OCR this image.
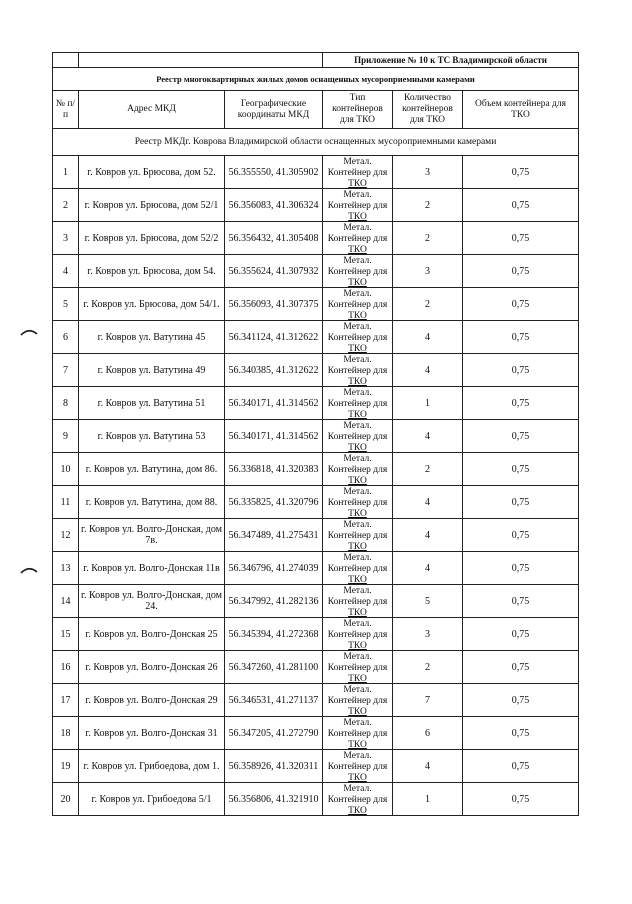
			Приложение № 10 к ТС Владимирской области		
Реестр многоквартирных жилых домов оснащенных мусороприемными камерами					
№ п/п	Адрес МКД	Географические координаты МКД	Тип контейнеров для ТКО	Количество контейнеров для ТКО	Объем контейнера для ТКО
Реестр МКДг. Коврова Владимирской области оснащенных мусороприемными камерами					
1	г. Ковров ул. Брюсова, дом 52.	56.355550, 41.305902	Метал.
Контейнер для
ТКО	3	0,75
2	г. Ковров ул. Брюсова, дом 52/1	56.356083, 41.306324	Метал.
Контейнер для
ТКО	2	0,75
3	г. Ковров ул. Брюсова, дом 52/2	56.356432, 41.305408	Метал.
Контейнер для
ТКО	2	0,75
4	г. Ковров ул. Брюсова, дом 54.	56.355624, 41.307932	Метал.
Контейнер для
ТКО	3	0,75
5	г. Ковров ул. Брюсова, дом 54/1.	56.356093, 41.307375	Метал.
Контейнер для
ТКО	2	0,75
6	г. Ковров ул. Ватутина 45	56.341124, 41.312622	Метал.
Контейнер для
ТКО	4	0,75
7	г. Ковров ул. Ватутина 49	56.340385, 41.312622	Метал.
Контейнер для
ТКО	4	0,75
8	г. Ковров ул. Ватутина 51	56.340171, 41.314562	Метал.
Контейнер для
ТКО	1	0,75
9	г. Ковров ул. Ватутина 53	56.340171, 41.314562	Метал.
Контейнер для
ТКО	4	0,75
10	г. Ковров ул. Ватутина, дом 86.	56.336818, 41.320383	Метал.
Контейнер для
ТКО	2	0,75
11	г. Ковров ул. Ватутина, дом 88.	56.335825, 41.320796	Метал.
Контейнер для
ТКО	4	0,75
12	г. Ковров ул. Волго-Донская, дом 7в.	56.347489, 41.275431	Метал.
Контейнер для
ТКО	4	0,75
13	г. Ковров ул. Волго-Донская 11в	56.346796, 41.274039	Метал.
Контейнер для
ТКО	4	0,75
14	г. Ковров ул. Волго-Донская, дом 24.	56.347992, 41.282136	Метал.
Контейнер для
ТКО	5	0,75
15	г. Ковров ул. Волго-Донская 25	56.345394, 41.272368	Метал.
Контейнер для
ТКО	3	0,75
16	г. Ковров ул. Волго-Донская 26	56.347260, 41.281100	Метал.
Контейнер для
ТКО	2	0,75
17	г. Ковров ул. Волго-Донская 29	56.346531, 41.271137	Метал.
Контейнер для
ТКО	7	0,75
18	г. Ковров ул. Волго-Донская 31	56.347205, 41.272790	Метал.
Контейнер для
ТКО	6	0,75
19	г. Ковров ул. Грибоедова, дом 1.	56.358926, 41.320311	Метал.
Контейнер для
ТКО	4	0,75
20	г. Ковров ул. Грибоедова 5/1	56.356806, 41.321910	Метал.
Контейнер для
ТКО	1	0,75
